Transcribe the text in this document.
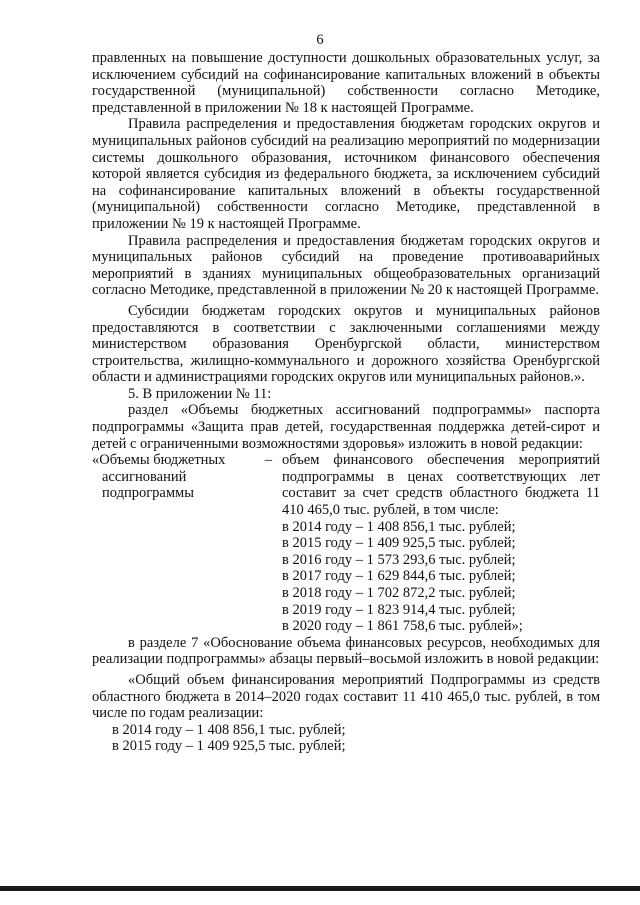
6

правленных на повышение доступности дошкольных образовательных услуг, за исключением субсидий на софинансирование капитальных вложений в объекты государственной (муниципальной) собственности согласно Методике, представленной в приложении № 18 к настоящей Программе.

Правила распределения и предоставления бюджетам городских округов и муниципальных районов субсидий на реализацию мероприятий по модернизации системы дошкольного образования, источником финансового обеспечения которой является субсидия из федерального бюджета, за исключением субсидий на софинансирование капитальных вложений в объекты государственной (муниципальной) собственности согласно Методике, представленной в приложении № 19 к настоящей Программе.

Правила распределения и предоставления бюджетам городских округов и муниципальных районов субсидий на проведение противоаварийных мероприятий в зданиях муниципальных общеобразовательных организаций согласно Методике, представленной в приложении № 20 к настоящей Программе.

Субсидии бюджетам городских округов и муниципальных районов предоставляются в соответствии с заключенными соглашениями между министерством образования Оренбургской области, министерством строительства, жилищно-коммунального и дорожного хозяйства Оренбургской области и администрациями городских округов или муниципальных районов.».

5. В приложении № 11:

раздел «Объемы бюджетных ассигнований подпрограммы» паспорта подпрограммы «Защита прав детей, государственная поддержка детей-сирот и детей с ограниченными возможностями здоровья» изложить в новой редакции:

«Объемы бюджетных	–
ассигнований
подпрограммы

объем финансового обеспечения мероприятий подпрограммы в ценах соответствующих лет составит за счет средств областного бюджета 11 410 465,0 тыс. рублей, в том числе:

в 2014 году – 1 408 856,1 тыс. рублей;

в 2015 году – 1 409 925,5 тыс. рублей;

в 2016 году – 1 573 293,6 тыс. рублей;

в 2017 году – 1 629 844,6 тыс. рублей;

в 2018 году – 1 702 872,2 тыс. рублей;

в 2019 году – 1 823 914,4 тыс. рублей;

в 2020 году – 1 861 758,6 тыс. рублей»;

в разделе 7 «Обоснование объема финансовых ресурсов, необходимых для реализации подпрограммы» абзацы первый–восьмой изложить в новой редакции:

«Общий объем финансирования мероприятий Подпрограммы из средств областного бюджета в 2014–2020 годах составит 11 410 465,0 тыс. рублей, в том числе по годам реализации:

в 2014 году – 1 408 856,1 тыс. рублей;

в 2015 году – 1 409 925,5 тыс. рублей;
